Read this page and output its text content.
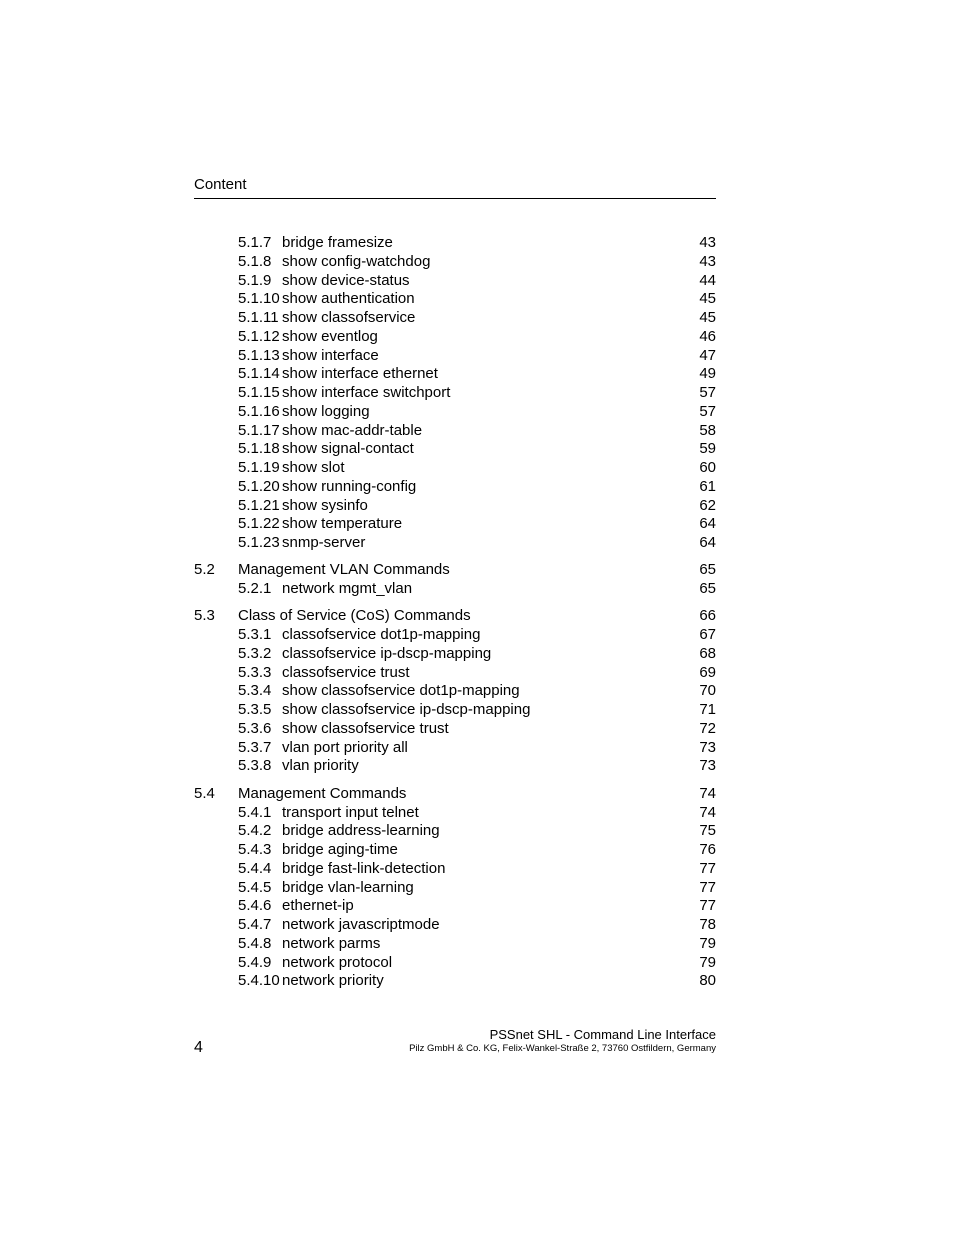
Content
5.1.7 bridge framesize	43
5.1.8 show config-watchdog	43
5.1.9 show device-status	44
5.1.10 show authentication	45
5.1.11 show classofservice	45
5.1.12 show eventlog	46
5.1.13 show interface	47
5.1.14 show interface ethernet	49
5.1.15 show interface switchport	57
5.1.16 show logging	57
5.1.17 show mac-addr-table	58
5.1.18 show signal-contact	59
5.1.19 show slot	60
5.1.20 show running-config	61
5.1.21 show sysinfo	62
5.1.22 show temperature	64
5.1.23 snmp-server	64
5.2 Management VLAN Commands	65
5.2.1 network mgmt_vlan	65
5.3 Class of Service (CoS) Commands	66
5.3.1 classofservice dot1p-mapping	67
5.3.2 classofservice ip-dscp-mapping	68
5.3.3 classofservice trust	69
5.3.4 show classofservice dot1p-mapping	70
5.3.5 show classofservice ip-dscp-mapping	71
5.3.6 show classofservice trust	72
5.3.7 vlan port priority all	73
5.3.8 vlan priority	73
5.4 Management Commands	74
5.4.1 transport input telnet	74
5.4.2 bridge address-learning	75
5.4.3 bridge aging-time	76
5.4.4 bridge fast-link-detection	77
5.4.5 bridge vlan-learning	77
5.4.6 ethernet-ip	77
5.4.7 network javascriptmode	78
5.4.8 network parms	79
5.4.9 network protocol	79
5.4.10 network priority	80
PSSnet SHL - Command Line Interface
Pilz GmbH & Co. KG, Felix-Wankel-Straße 2, 73760 Ostfildern, Germany
4
